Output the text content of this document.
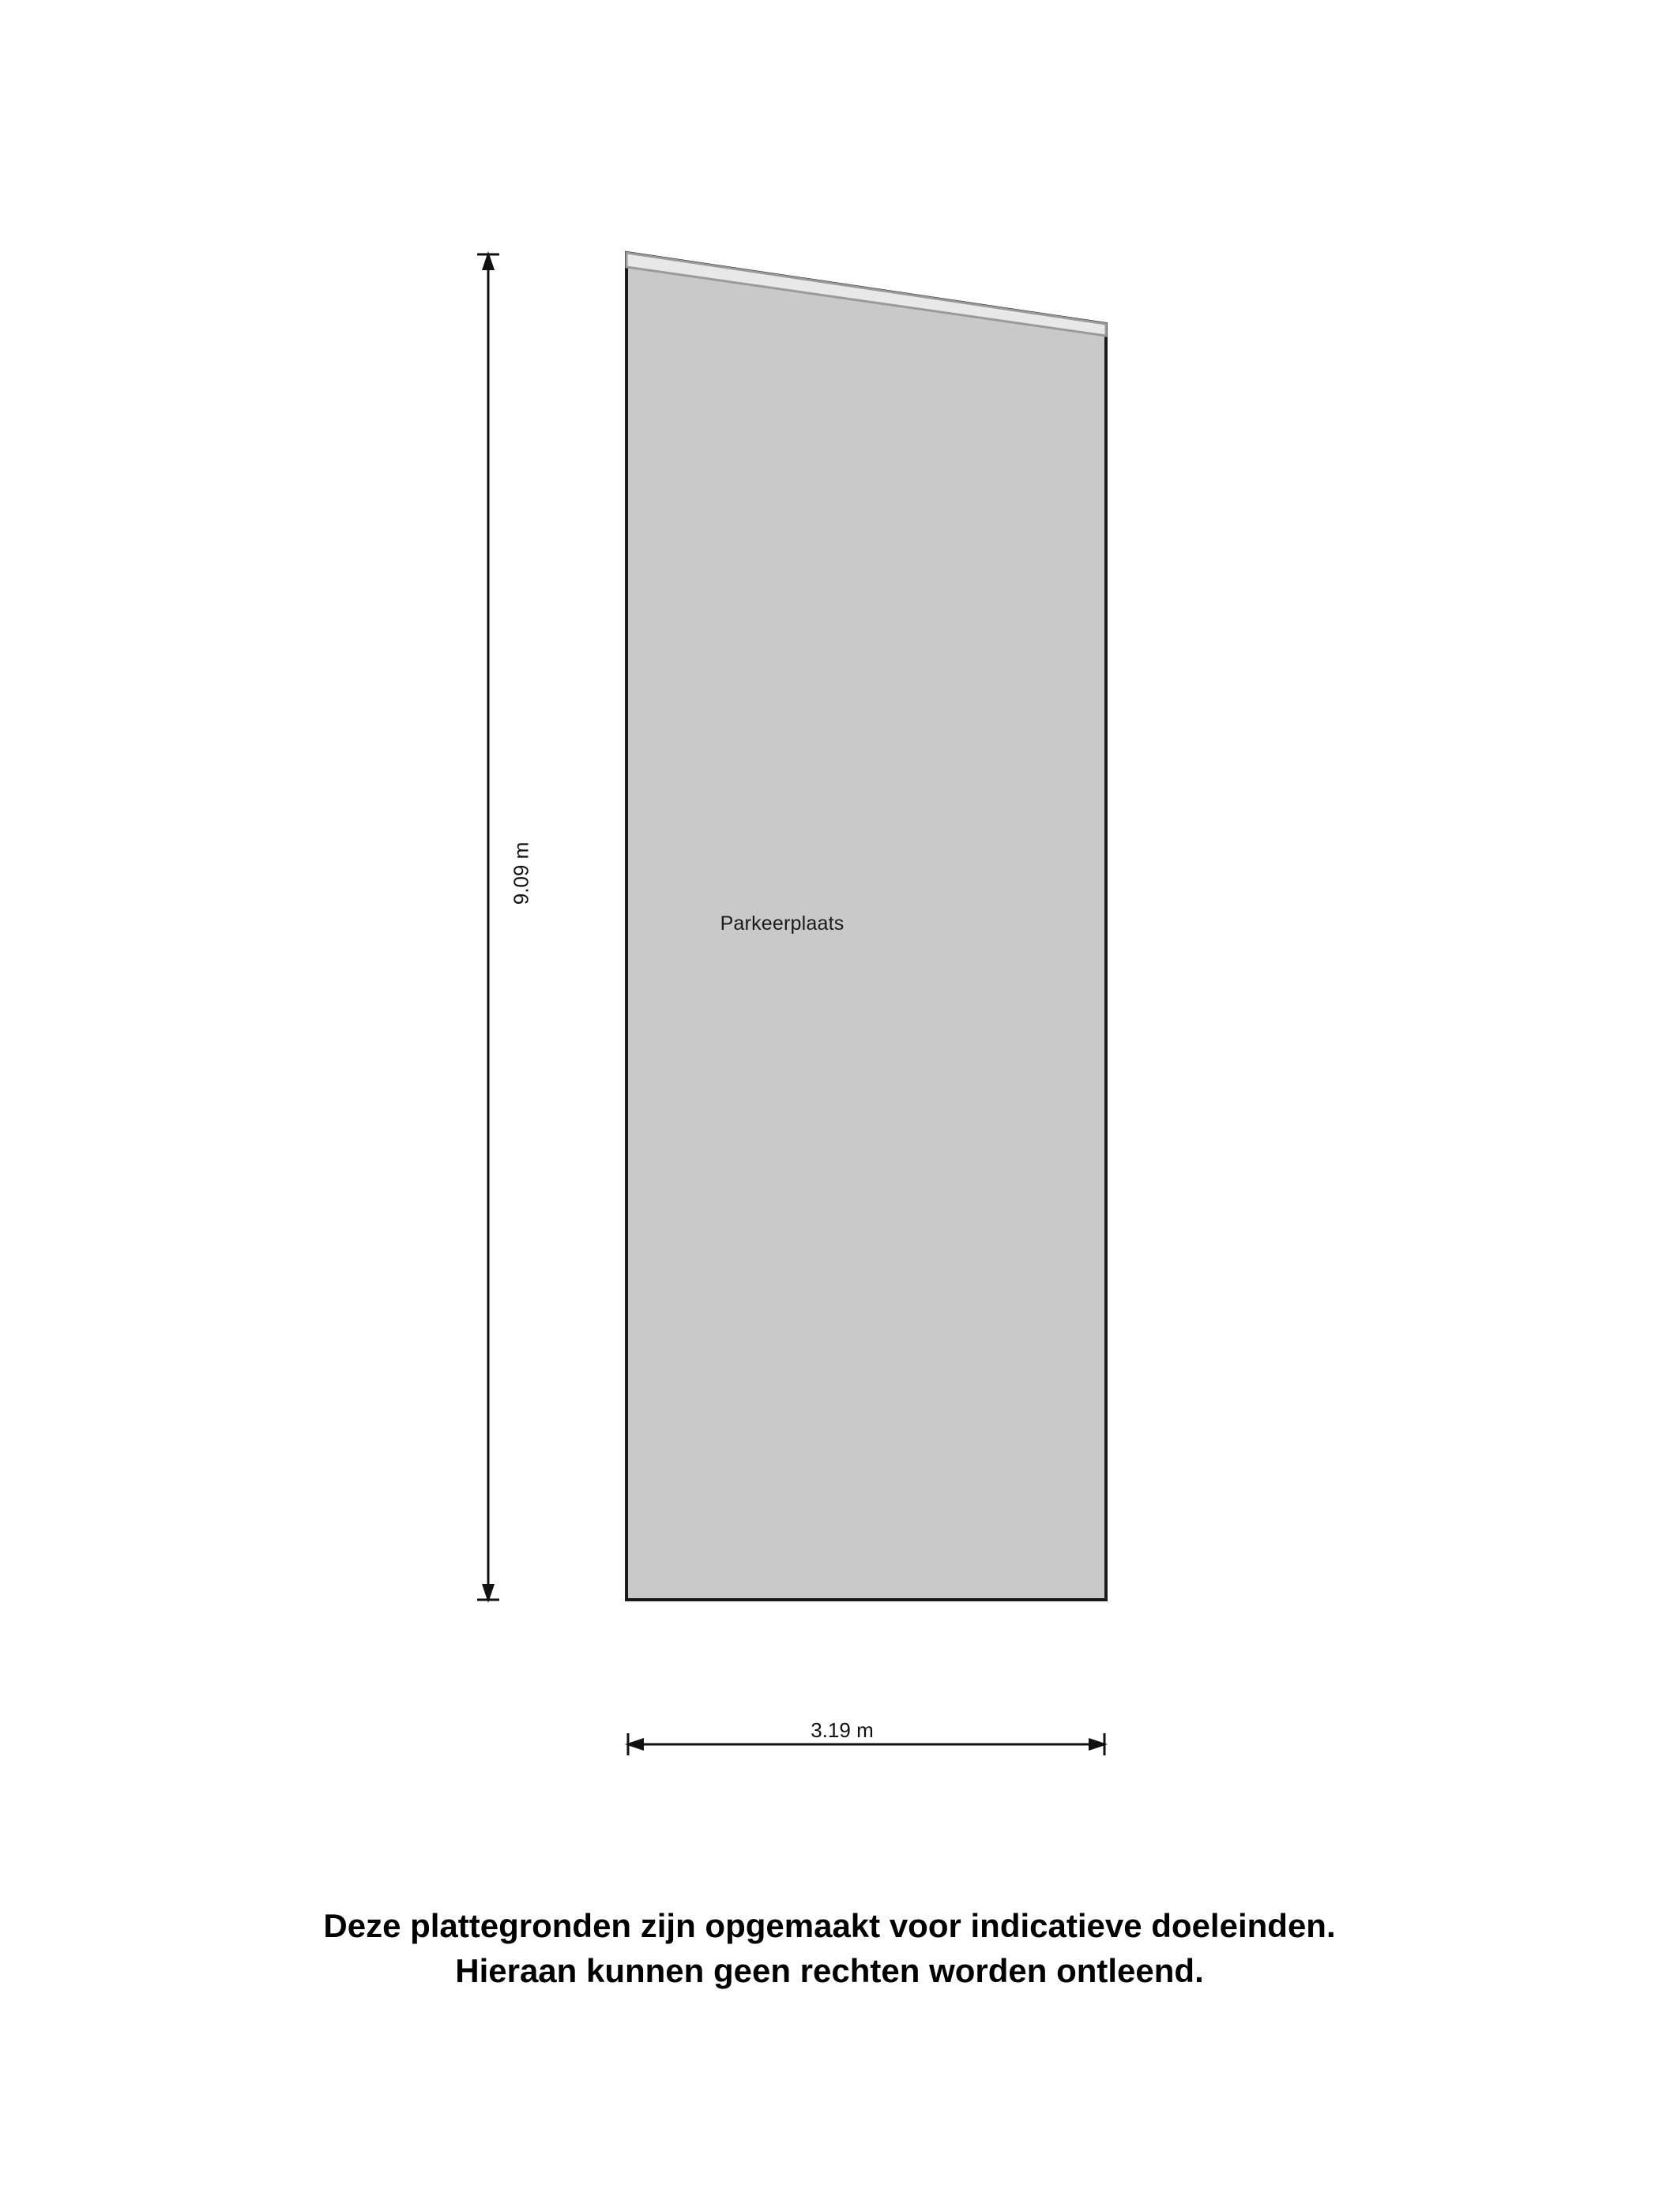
Parkeerplaats
9.09 m
3.19 m
Deze plattegronden zijn opgemaakt voor indicatieve doeleinden.
Hieraan kunnen geen rechten worden ontleend.
